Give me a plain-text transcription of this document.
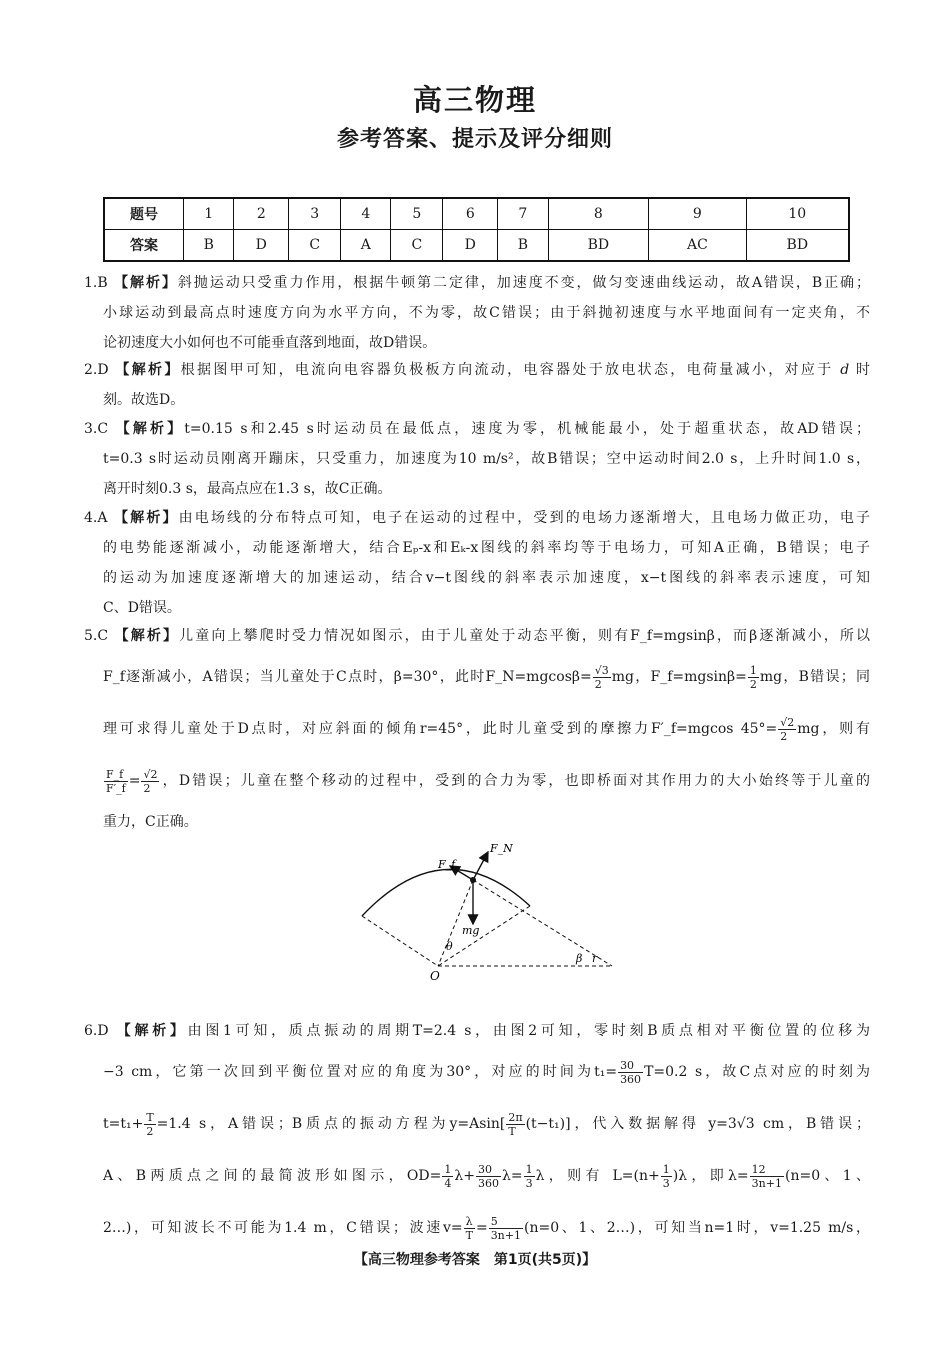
高三物理
参考答案、提示及评分细则
题号	1	2	3	4	5	6	7	8	9	10
答案	B	D	C	A	C	D	B	BD	AC	BD
1.B 【解析】斜抛运动只受重力作用，根据牛顿第二定律，加速度不变，做匀变速曲线运动，故A错误，B正确；
小球运动到最高点时速度方向为水平方向，不为零，故C错误；由于斜抛初速度与水平地面间有一定夹角，不
论初速度大小如何也不可能垂直落到地面，故D错误。
2.D 【解析】根据图甲可知，电流向电容器负极板方向流动，电容器处于放电状态，电荷量减小，对应于 d 时
刻。故选D。
3.C 【解析】t=0.15 s和2.45 s时运动员在最低点，速度为零，机械能最小，处于超重状态，故AD错误；
t=0.3 s时运动员刚离开蹦床，只受重力，加速度为10 m/s²，故B错误；空中运动时间2.0 s，上升时间1.0 s，
离开时刻0.3 s，最高点应在1.3 s，故C正确。
4.A 【解析】由电场线的分布特点可知，电子在运动的过程中，受到的电场力逐渐增大，且电场力做正功，电子
的电势能逐渐减小，动能逐渐增大，结合Eₚ-x和Eₖ-x图线的斜率均等于电场力，可知A正确，B错误；电子
的运动为加速度逐渐增大的加速运动，结合v−t图线的斜率表示加速度，x−t图线的斜率表示速度，可知
C、D错误。
5.C 【解析】儿童向上攀爬时受力情况如图示，由于儿童处于动态平衡，则有F_f=mgsinβ，而β逐渐减小，所以
F_f逐渐减小，A错误；当儿童处于C点时，β=30°，此时F_N=mgcosβ= $\frac{√3}{2}$ mg，F_f=mgsinβ= $\frac{1}{2}$ mg，B错误；同
理可求得儿童处于D点时，对应斜面的倾角r=45°，此时儿童受到的摩擦力F′_f=mgcos $45^\circ= \frac{√2}{2}$ mg，则有
$\frac{F\_f}{F'\_f} = \frac{√2}{2}$ ，D错误；儿童在整个移动的过程中，受到的合力为零，也即桥面对其作用力的大小始终等于儿童的
重力，C正确。
F_f
F_N
mg
θ
O
β r
6.D 【解析】由图1可知，质点振动的周期T=2.4 s，由图2可知，零时刻B质点相对平衡位置的位移为
−3 cm，它第一次回到平衡位置对应的角度为30°，对应的时间为$t_1= \frac{30}{360} T=0.2$ s，故C点对应的时刻为
$t=t_1+ \frac{T}{2} =1.4$ s，A错误；B质点的振动方程为$y=Asin[ \frac{2\pi}{T} (t-t_1)]$，代入数据解得 y=3√3 cm，B错误；
A、B两质点之间的最简波形如图示，$OD= \frac{1}{4} \lambda+ \frac{30}{360} \lambda= \frac{1}{3}$ λ，则有 $L=(n+ \frac{1}{3} )\lambda$，即$\lambda= \frac{12}{3n+1} (n=0$、1、
2…)，可知波长不可能为1.4 m，C错误；波速$v= \frac{\lambda}{T} = \frac{5}{3n+1} (n=0$、1、2…)，可知当n=1时，v=1.25 m/s，
【高三物理参考答案　第1页(共5页)】
